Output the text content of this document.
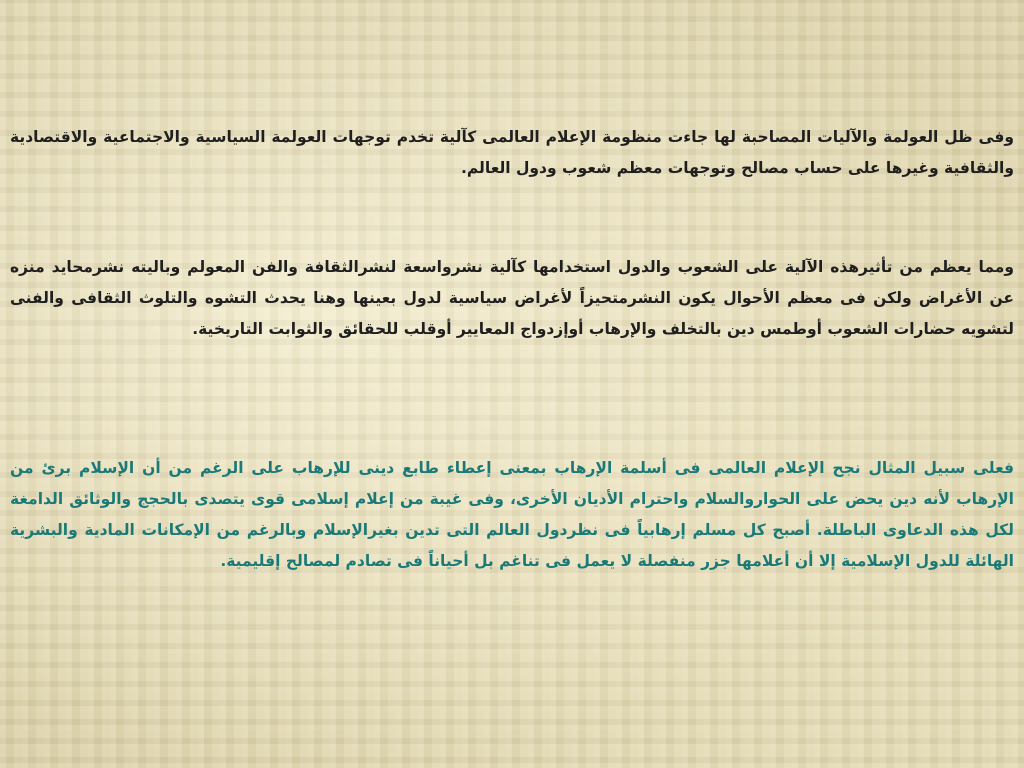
وفى ظل العولمة والآليات المصاحبة لها جاءت منظومة الإعلام العالمى كآلية تخدم توجهات العولمة السياسية والاجتماعية والاقتصادية والثقافية وغيرها على حساب مصالح وتوجهات معظم شعوب ودول العالم.

ومما يعظم من تأثيرهذه الآلية على الشعوب والدول استخدامها كآلية نشرواسعة لنشرالثقافة والفن المعولم وباليته نشرمحايد منزه عن الأغراض ولكن فى معظم الأحوال يكون النشرمتحيزاً لأغراض سياسية لدول بعينها وهنا يحدث التشوه والتلوث الثقافى والفنى لتشويه حضارات الشعوب أوطمس دين بالتخلف والإرهاب أوإزدواج المعايير أوقلب للحقائق والثوابت التاريخية.

فعلى سبيل المثال نجح الإعلام العالمى فى أسلمة الإرهاب بمعنى إعطاء طابع دينى للإرهاب على الرغم من أن الإسلام برئ من الإرهاب لأنه دين يحض على الحواروالسلام واحترام الأديان الأخرى، وفى غيبة من إعلام إسلامى قوى يتصدى بالحجج والوثائق الدامغة لكل هذه الدعاوى الباطلة. أصبح كل مسلم إرهابياً فى نظردول العالم التى تدين بغيرالإسلام وبالرغم من الإمكانات المادية والبشرية الهائلة للدول الإسلامية إلا أن أعلامها جزر منفصلة لا يعمل فى تناغم بل أحياناً فى تصادم لمصالح إقليمية.
